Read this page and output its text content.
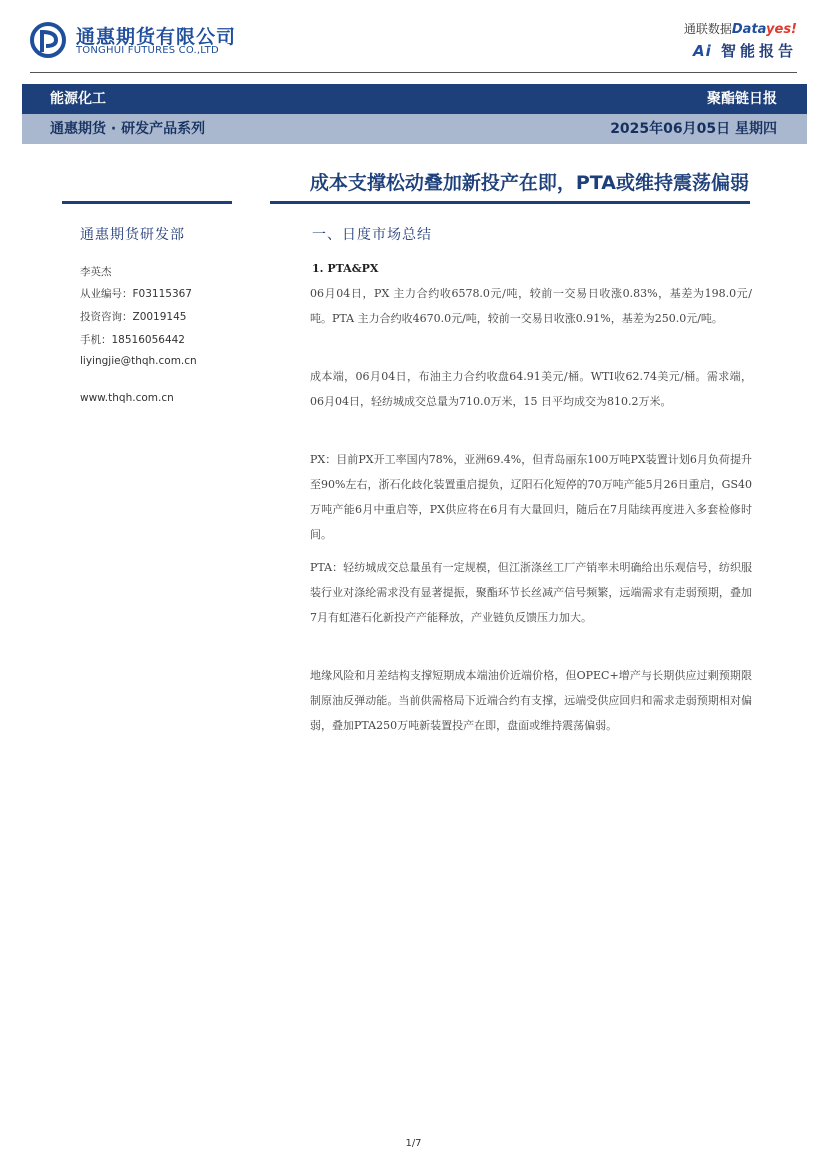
通惠期货有限公司
TONGHUI FUTURES CO.,LTD
通联数据Datayes!
Ai 智能报告
能源化工	聚酯链日报
通惠期货 · 研发产品系列	2025年06月05日 星期四
成本支撑松动叠加新投产在即，PTA或维持震荡偏弱
通惠期货研发部
李英杰
从业编号：F03115367
投资咨询：Z0019145
手机：18516056442
liyingjie@thqh.com.cn
www.thqh.com.cn
一、日度市场总结
1. PTA&PX

06月04日，PX 主力合约收6578.0元/吨，较前一交易日收涨0.83%，基差为198.0元/吨。PTA 主力合约收4670.0元/吨，较前一交易日收涨0.91%，基差为250.0元/吨。

成本端，06月04日，布油主力合约收盘64.91美元/桶。WTI收62.74美元/桶。需求端，06月04日，轻纺城成交总量为710.0万米，15 日平均成交为810.2万米。

PX：目前PX开工率国内78%，亚洲69.4%，但青岛丽东100万吨PX装置计划6月负荷提升至90%左右，浙石化歧化装置重启提负，辽阳石化短停的70万吨产能5月26日重启，GS40万吨产能6月中重启等，PX供应将在6月有大量回归，随后在7月陆续再度进入多套检修时间。

PTA：轻纺城成交总量虽有一定规模，但江浙涤丝工厂产销率未明确给出乐观信号，纺织服装行业对涤纶需求没有显著提振，聚酯环节长丝减产信号频繁，远端需求有走弱预期，叠加7月有虹港石化新投产产能释放，产业链负反馈压力加大。

地缘风险和月差结构支撑短期成本端油价近端价格，但OPEC+增产与长期供应过剩预期限制原油反弹动能。当前供需格局下近端合约有支撑，远端受供应回归和需求走弱预期相对偏弱，叠加PTA250万吨新装置投产在即，盘面或维持震荡偏弱。

1/7
